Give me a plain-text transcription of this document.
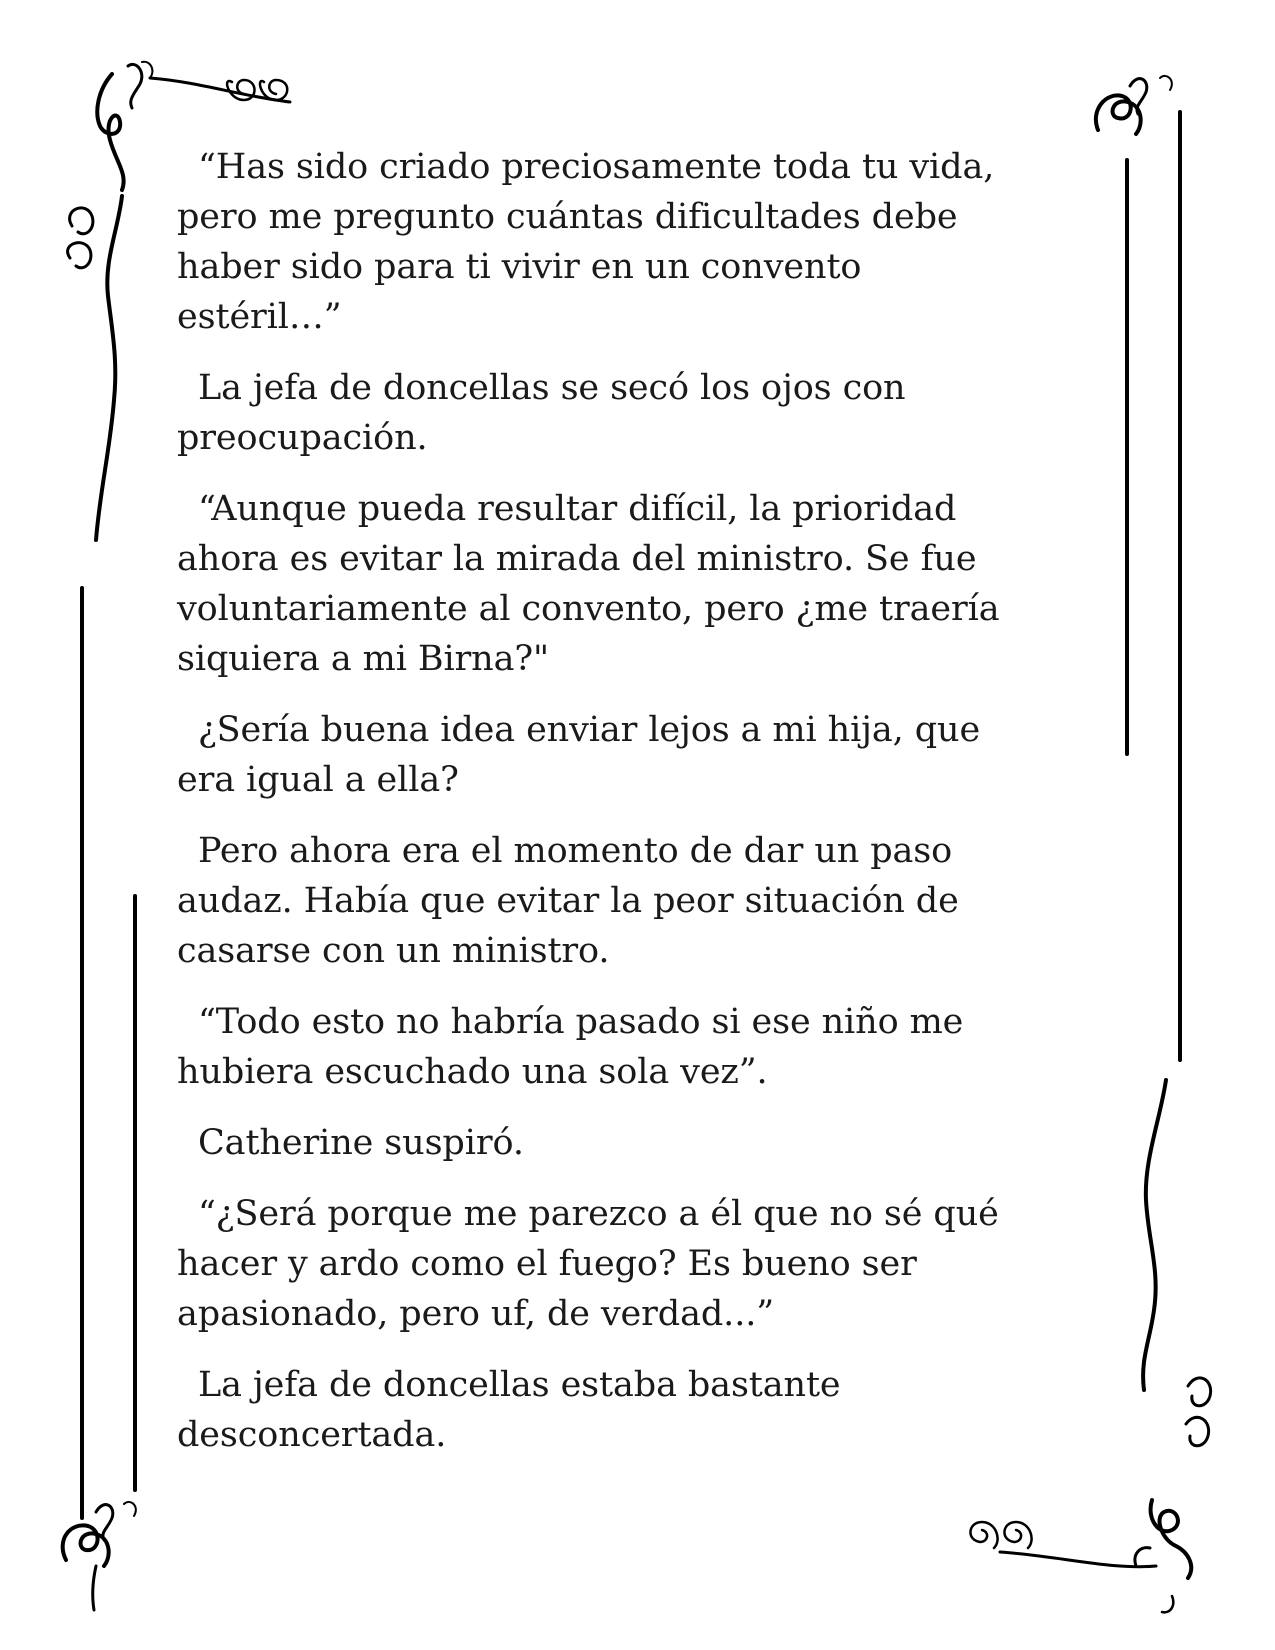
“Has sido criado preciosamente toda tu vida,
pero me pregunto cuántas dificultades debe
haber sido para ti vivir en un convento
estéril…”

La jefa de doncellas se secó los ojos con
preocupación.

“Aunque pueda resultar difícil, la prioridad
ahora es evitar la mirada del ministro. Se fue
voluntariamente al convento, pero ¿me traería
siquiera a mi Birna?"

¿Sería buena idea enviar lejos a mi hija, que
era igual a ella?

Pero ahora era el momento de dar un paso
audaz. Había que evitar la peor situación de
casarse con un ministro.

“Todo esto no habría pasado si ese niño me
hubiera escuchado una sola vez”.

Catherine suspiró.

“¿Será porque me parezco a él que no sé qué
hacer y ardo como el fuego? Es bueno ser
apasionado, pero uf, de verdad...”

La jefa de doncellas estaba bastante
desconcertada.
